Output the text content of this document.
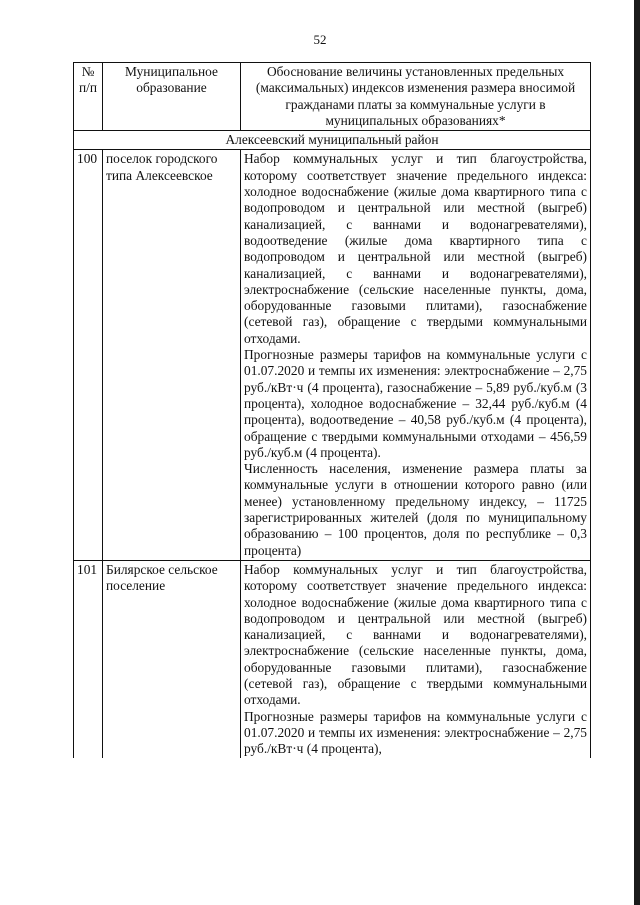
52
№ п/п	Муниципальное образование	Обоснование величины установленных предельных (максимальных) индексов изменения размера вносимой гражданами платы за коммунальные услуги в муниципальных образованиях*
Алексеевский муниципальный район		
100	поселок городского типа Алексеевское	Набор коммунальных услуг и тип благоустройства, которому соответствует значение предельного индекса: холодное водоснабжение (жилые дома квартирного типа с водопроводом и центральной или местной (выгреб) канализацией, с ваннами и водонагревателями), водоотведение (жилые дома квартирного типа с водопроводом и центральной или местной (выгреб) канализацией, с ваннами и водонагревателями), электроснабжение (сельские населенные пункты, дома, оборудованные газовыми плитами), газоснабжение (сетевой газ), обращение с твердыми коммунальными отходами.

Прогнозные размеры тарифов на коммунальные услуги с 01.07.2020 и темпы их изменения: электроснабжение – 2,75 руб./кВт·ч (4 процента), газоснабжение – 5,89 руб./куб.м (3 процента), холодное водоснабжение – 32,44 руб./куб.м (4 процента), водоотведение – 40,58 руб./куб.м (4 процента), обращение с твердыми коммунальными отходами – 456,59 руб./куб.м (4 процента).

Численность населения, изменение размера платы за коммунальные услуги в отношении которого равно (или менее) установленному предельному индексу, – 11725 зарегистрированных жителей (доля по муниципальному образованию – 100 процентов, доля по республике – 0,3 процента)

101	Билярское сельское поселение	Набор коммунальных услуг и тип благоустройства, которому соответствует значение предельного индекса: холодное водоснабжение (жилые дома квартирного типа с водопроводом и центральной или местной (выгреб) канализацией, с ваннами и водонагревателями), электроснабжение (сельские населенные пункты, дома, оборудованные газовыми плитами), газоснабжение (сетевой газ), обращение с твердыми коммунальными отходами.

Прогнозные размеры тарифов на коммунальные услуги с 01.07.2020 и темпы их изменения: электроснабжение – 2,75 руб./кВт·ч (4 процента),
